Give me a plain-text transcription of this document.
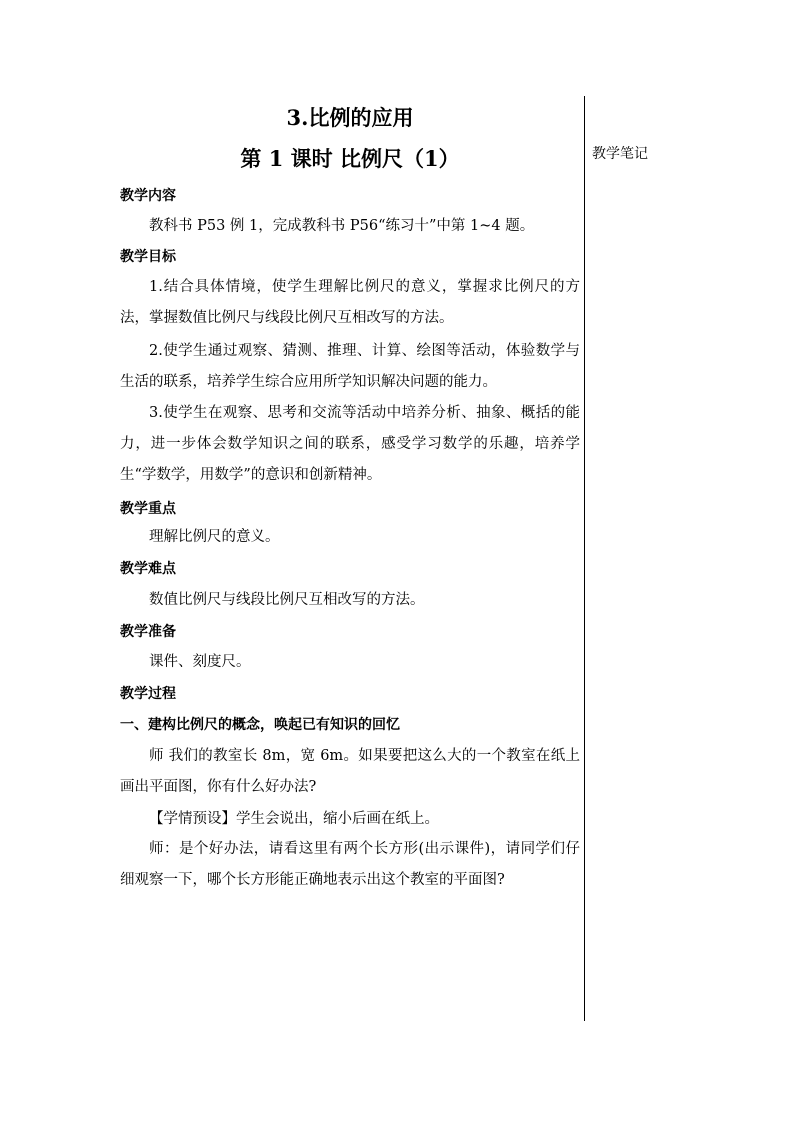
教学笔记
3.比例的应用
第 1 课时 比例尺（1）
教学内容
教科书 P53 例 1，完成教科书 P56“练习十”中第 1~4 题。
教学目标
1.结合具体情境，使学生理解比例尺的意义，掌握求比例尺的方法，掌握数值比例尺与线段比例尺互相改写的方法。
2.使学生通过观察、猜测、推理、计算、绘图等活动，体验数学与生活的联系，培养学生综合应用所学知识解决问题的能力。
3.使学生在观察、思考和交流等活动中培养分析、抽象、概括的能力，进一步体会数学知识之间的联系，感受学习数学的乐趣，培养学生“学数学，用数学”的意识和创新精神。
教学重点
理解比例尺的意义。
教学难点
数值比例尺与线段比例尺互相改写的方法。
教学准备
课件、刻度尺。
教学过程
一、建构比例尺的概念，唤起已有知识的回忆
师 我们的教室长 8m，宽 6m。如果要把这么大的一个教室在纸上画出平面图，你有什么好办法?
【学情预设】学生会说出，缩小后画在纸上。
师：是个好办法，请看这里有两个长方形(出示课件)，请同学们仔细观察一下，哪个长方形能正确地表示出这个教室的平面图?
